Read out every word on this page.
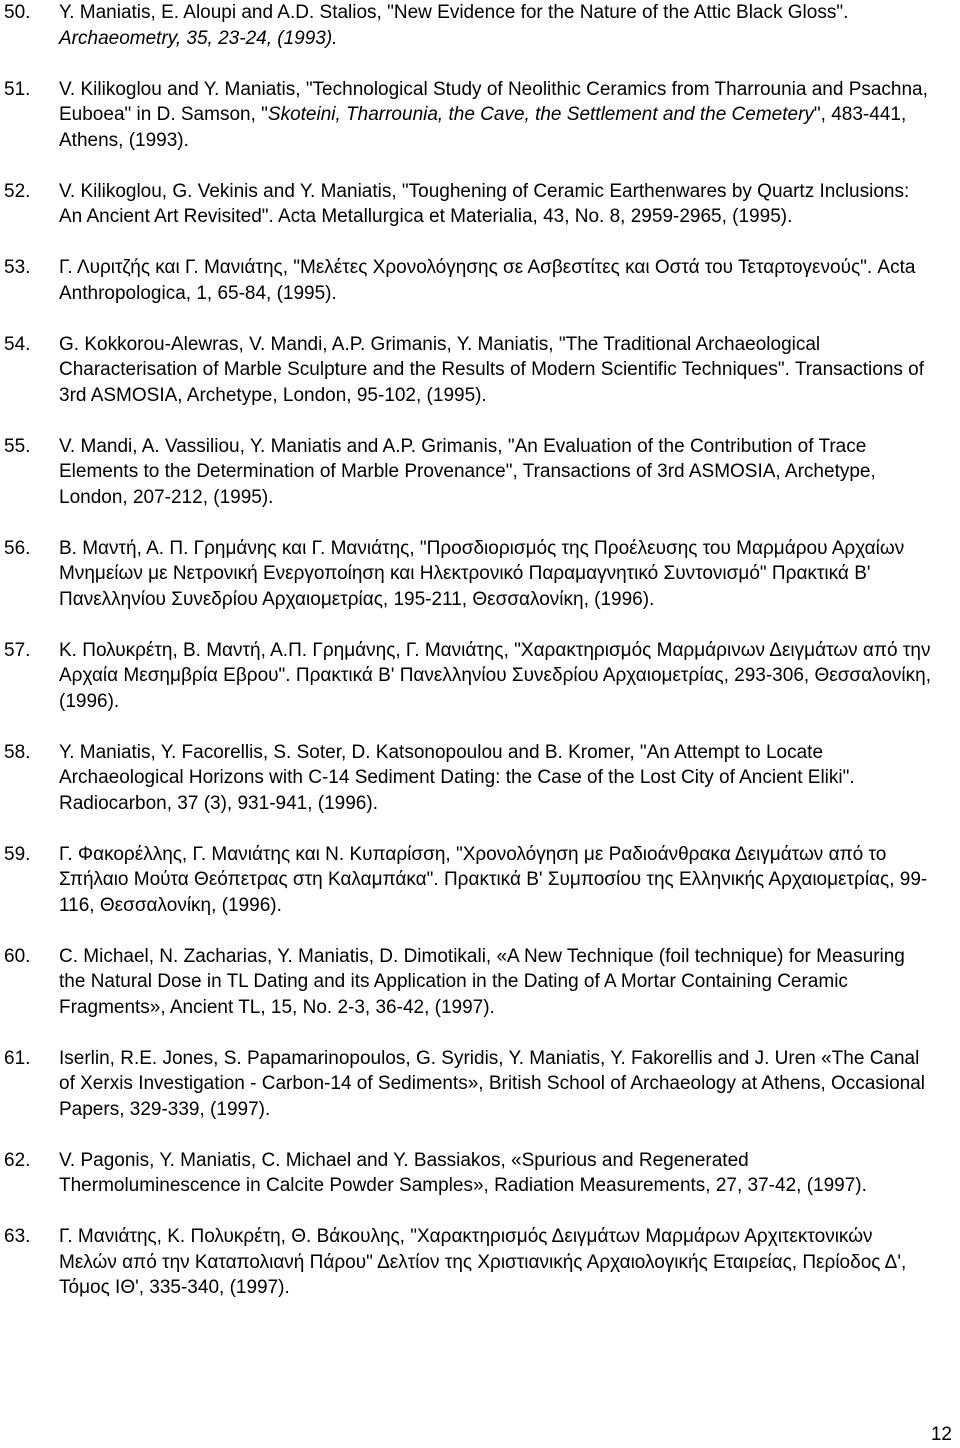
50.	Y. Maniatis, E. Aloupi and A.D. Stalios, "New Evidence for the Nature of the Attic Black Gloss". Archaeometry, 35, 23-24, (1993).
51.	V. Kilikoglou and Y. Maniatis, "Technological Study of Neolithic Ceramics from Tharrounia and Psachna, Euboea" in D. Samson, "Skoteini, Tharrounia, the Cave, the Settlement and the Cemetery", 483-441, Athens, (1993).
52.	V. Kilikoglou, G. Vekinis and Y. Maniatis, "Toughening of Ceramic Earthenwares by Quartz Inclusions: An Ancient Art Revisited". Acta Metallurgica et Materialia, 43, No. 8, 2959-2965, (1995).
53.	Γ. Λυριτζής και Γ. Μανιάτης, "Μελέτες Χρονολόγησης σε Ασβεστίτες και Οστά του Τεταρτογενούς". Acta Anthropologica, 1, 65-84, (1995).
54.	G. Kokkorou-Alewras, V. Mandi, A.P. Grimanis, Y. Maniatis, "The Traditional Archaeological Characterisation of Marble Sculpture and the Results of Modern Scientific Techniques". Transactions of 3rd ASMOSIA, Archetype, London, 95-102, (1995).
55.	V. Mandi, A. Vassiliou, Y. Maniatis and A.P. Grimanis, "An Evaluation of the Contribution of Trace Elements to the Determination of Marble Provenance", Transactions of 3rd ASMOSIA, Archetype, London, 207-212, (1995).
56.	Β. Μαντή, Α. Π. Γρημάνης και Γ. Μανιάτης, "Προσδιορισμός της Προέλευσης του Μαρμάρου Αρχαίων Μνημείων με Νετρονική Ενεργοποίηση και Ηλεκτρονικό Παραμαγνητικό Συντονισμό" Πρακτικά Β' Πανελληνίου Συνεδρίου Αρχαιομετρίας, 195-211, Θεσσαλονίκη, (1996).
57.	Κ. Πολυκρέτη, Β. Μαντή, Α.Π. Γρημάνης, Γ. Μανιάτης, "Χαρακτηρισμός Μαρμάρινων Δειγμάτων από την Αρχαία Μεσημβρία Εβρου". Πρακτικά Β' Πανελληνίου Συνεδρίου Αρχαιομετρίας, 293-306, Θεσσαλονίκη, (1996).
58.	Y. Maniatis, Y. Facorellis, S. Soter, D. Katsonopoulou and B. Kromer, "An Attempt to Locate Archaeological Horizons with C-14 Sediment Dating: the Case of the Lost City of Ancient Eliki". Radiocarbon, 37 (3), 931-941, (1996).
59.	Γ. Φακορέλλης, Γ. Μανιάτης και Ν. Κυπαρίσση, "Χρονολόγηση με Ραδιοάνθρακα Δειγμάτων από το Σπήλαιο Μούτα Θεόπετρας στη Καλαμπάκα". Πρακτικά Β' Συμποσίου της Ελληνικής Αρχαιομετρίας, 99-116, Θεσσαλονίκη, (1996).
60.	C. Michael, N. Zacharias, Y. Maniatis, D. Dimotikali, «A New Technique (foil technique) for Measuring the Natural Dose in TL Dating and its Application in the Dating of A Mortar Containing Ceramic Fragments», Ancient TL, 15, No. 2-3, 36-42, (1997).
61.	Iserlin, R.E. Jones, S. Papamarinopoulos, G. Syridis, Y. Maniatis, Y. Fakorellis and J. Uren «The Canal of Xerxis Investigation - Carbon-14 of Sediments», British School of Archaeology at Athens, Occasional Papers, 329-339, (1997).
62.	V. Pagonis, Y. Maniatis, C. Michael and Y. Bassiakos, «Spurious and Regenerated Thermoluminescence in Calcite Powder Samples», Radiation Measurements, 27, 37-42, (1997).
63.	Γ. Μανιάτης, Κ. Πολυκρέτη, Θ. Βάκουλης, "Χαρακτηρισμός Δειγμάτων Μαρμάρων Αρχιτεκτονικών Μελών από την Καταπολιανή Πάρου" Δελτίον της Χριστιανικής Αρχαιολογικής Εταιρείας, Περίοδος Δ', Τόμος ΙΘ', 335-340, (1997).
12
